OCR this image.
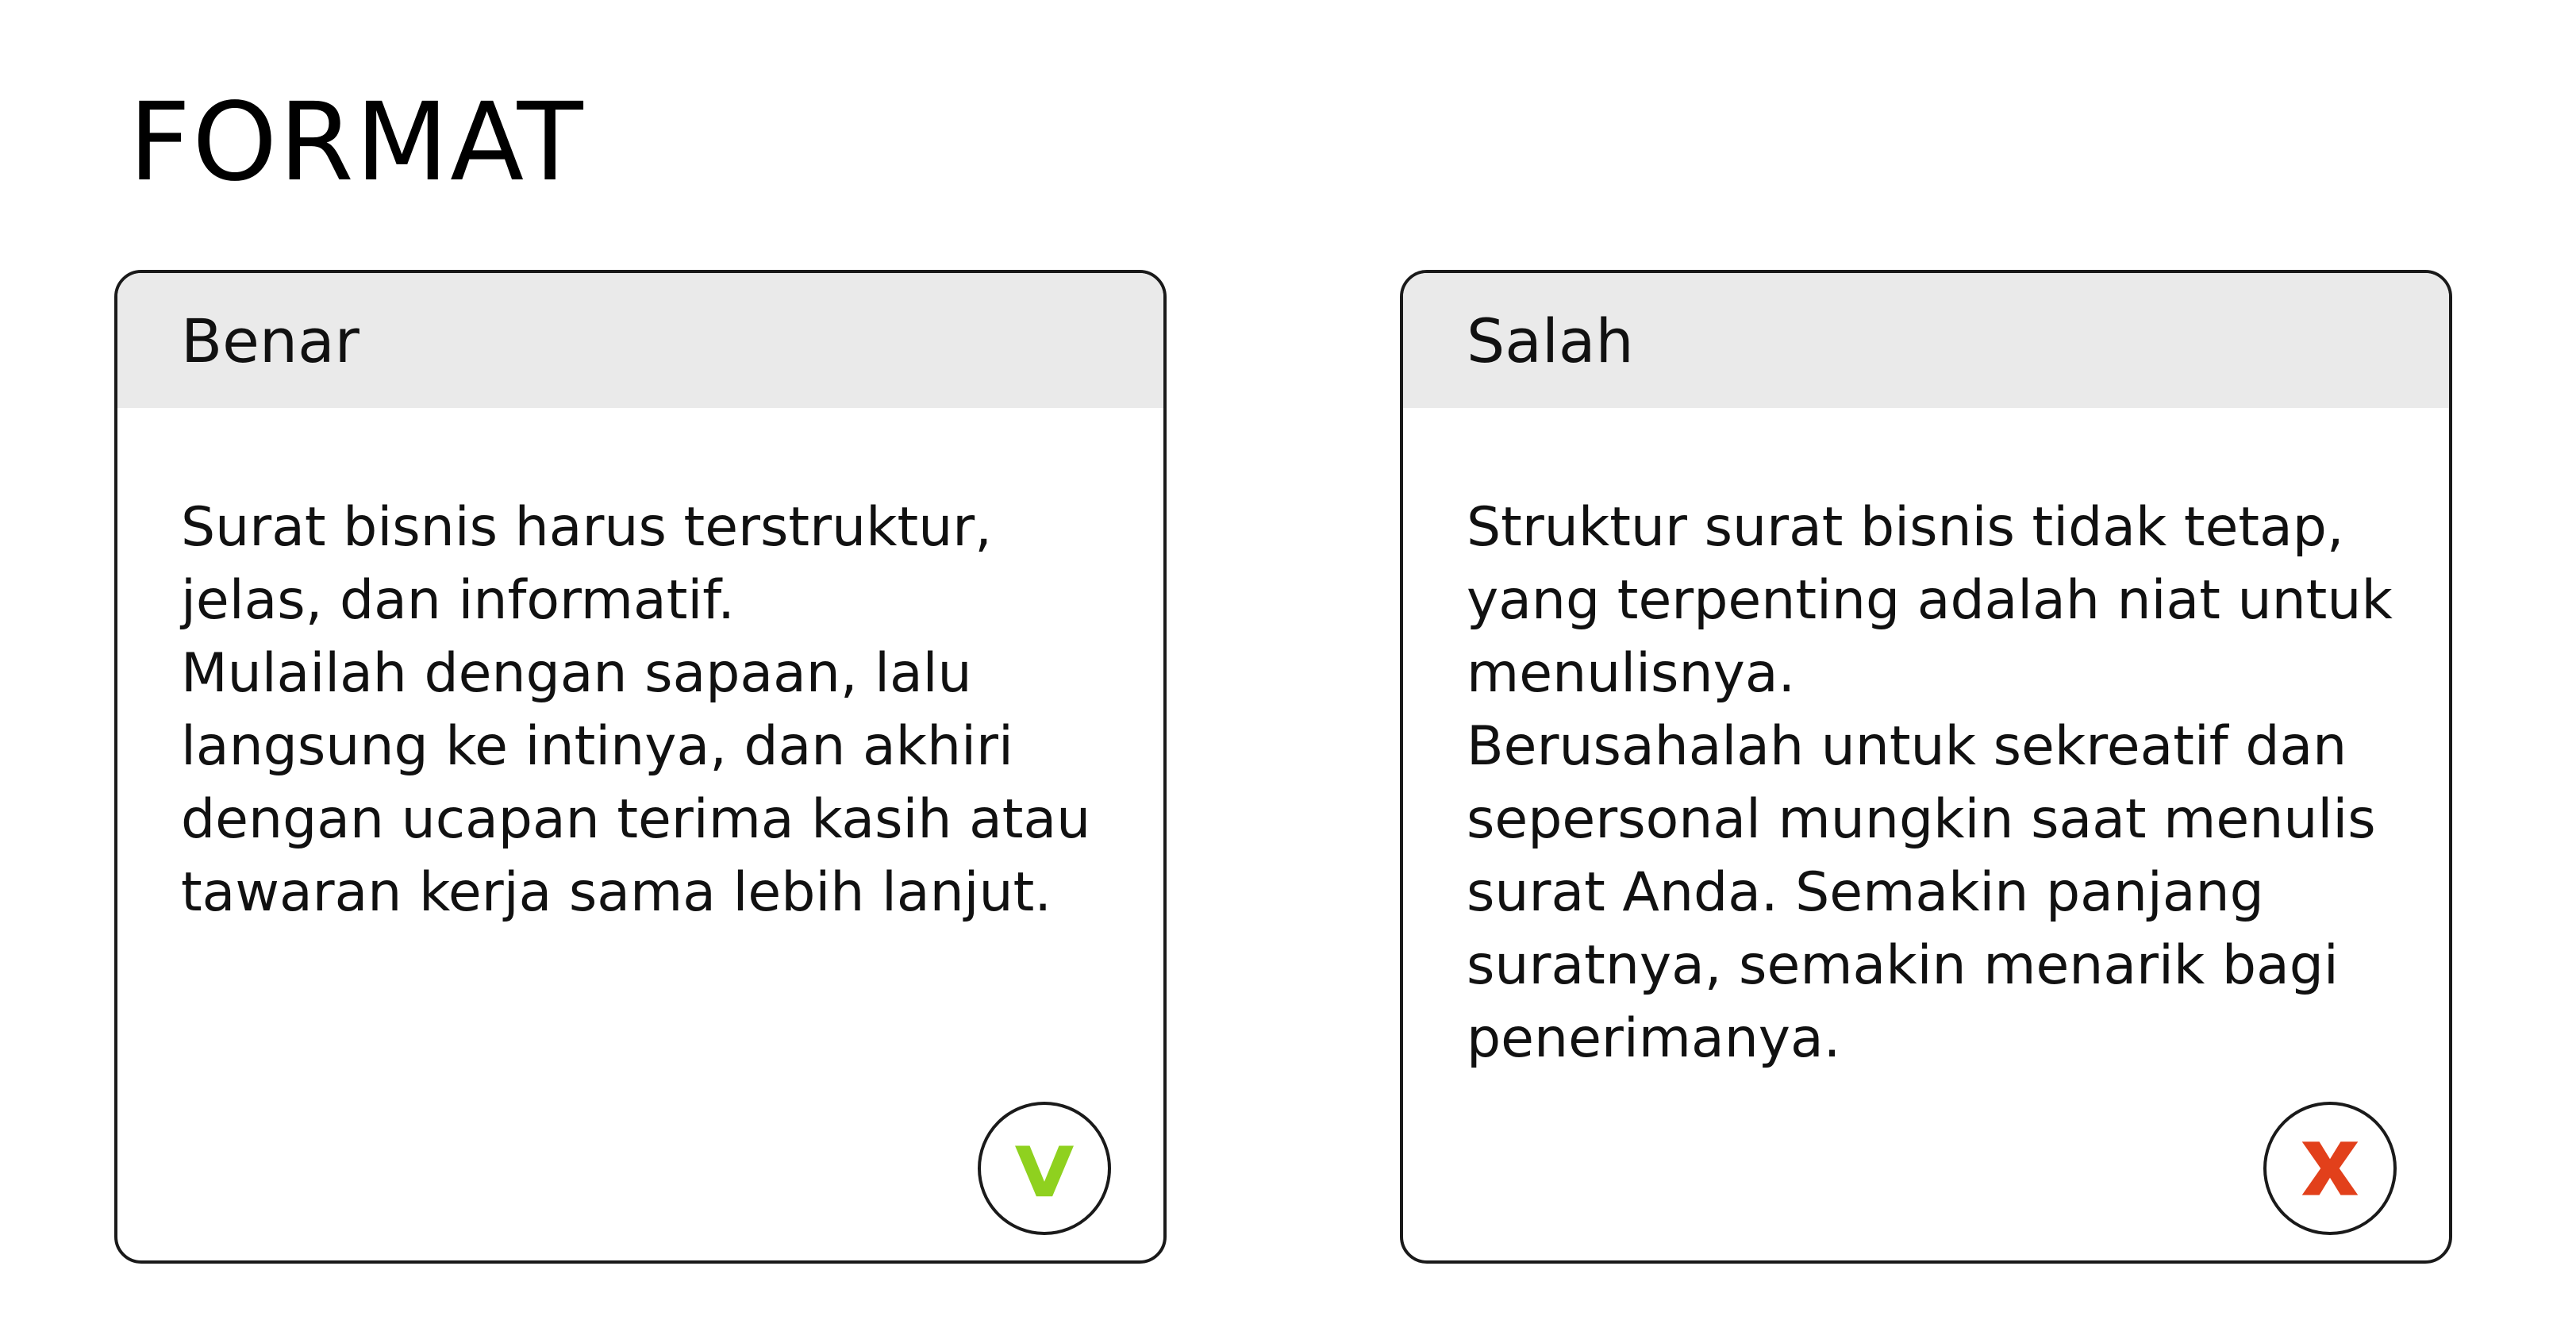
FORMAT
Benar

Surat bisnis harus terstruktur, jelas, dan informatif.

Mulailah dengan sapaan, lalu langsung ke intinya, dan akhiri dengan ucapan terima kasih atau tawaran kerja sama lebih lanjut.

Salah

Struktur surat bisnis tidak tetap, yang terpenting adalah niat untuk menulisnya.

Berusahalah untuk sekreatif dan sepersonal mungkin saat menulis surat Anda. Semakin panjang suratnya, semakin menarik bagi penerimanya.
